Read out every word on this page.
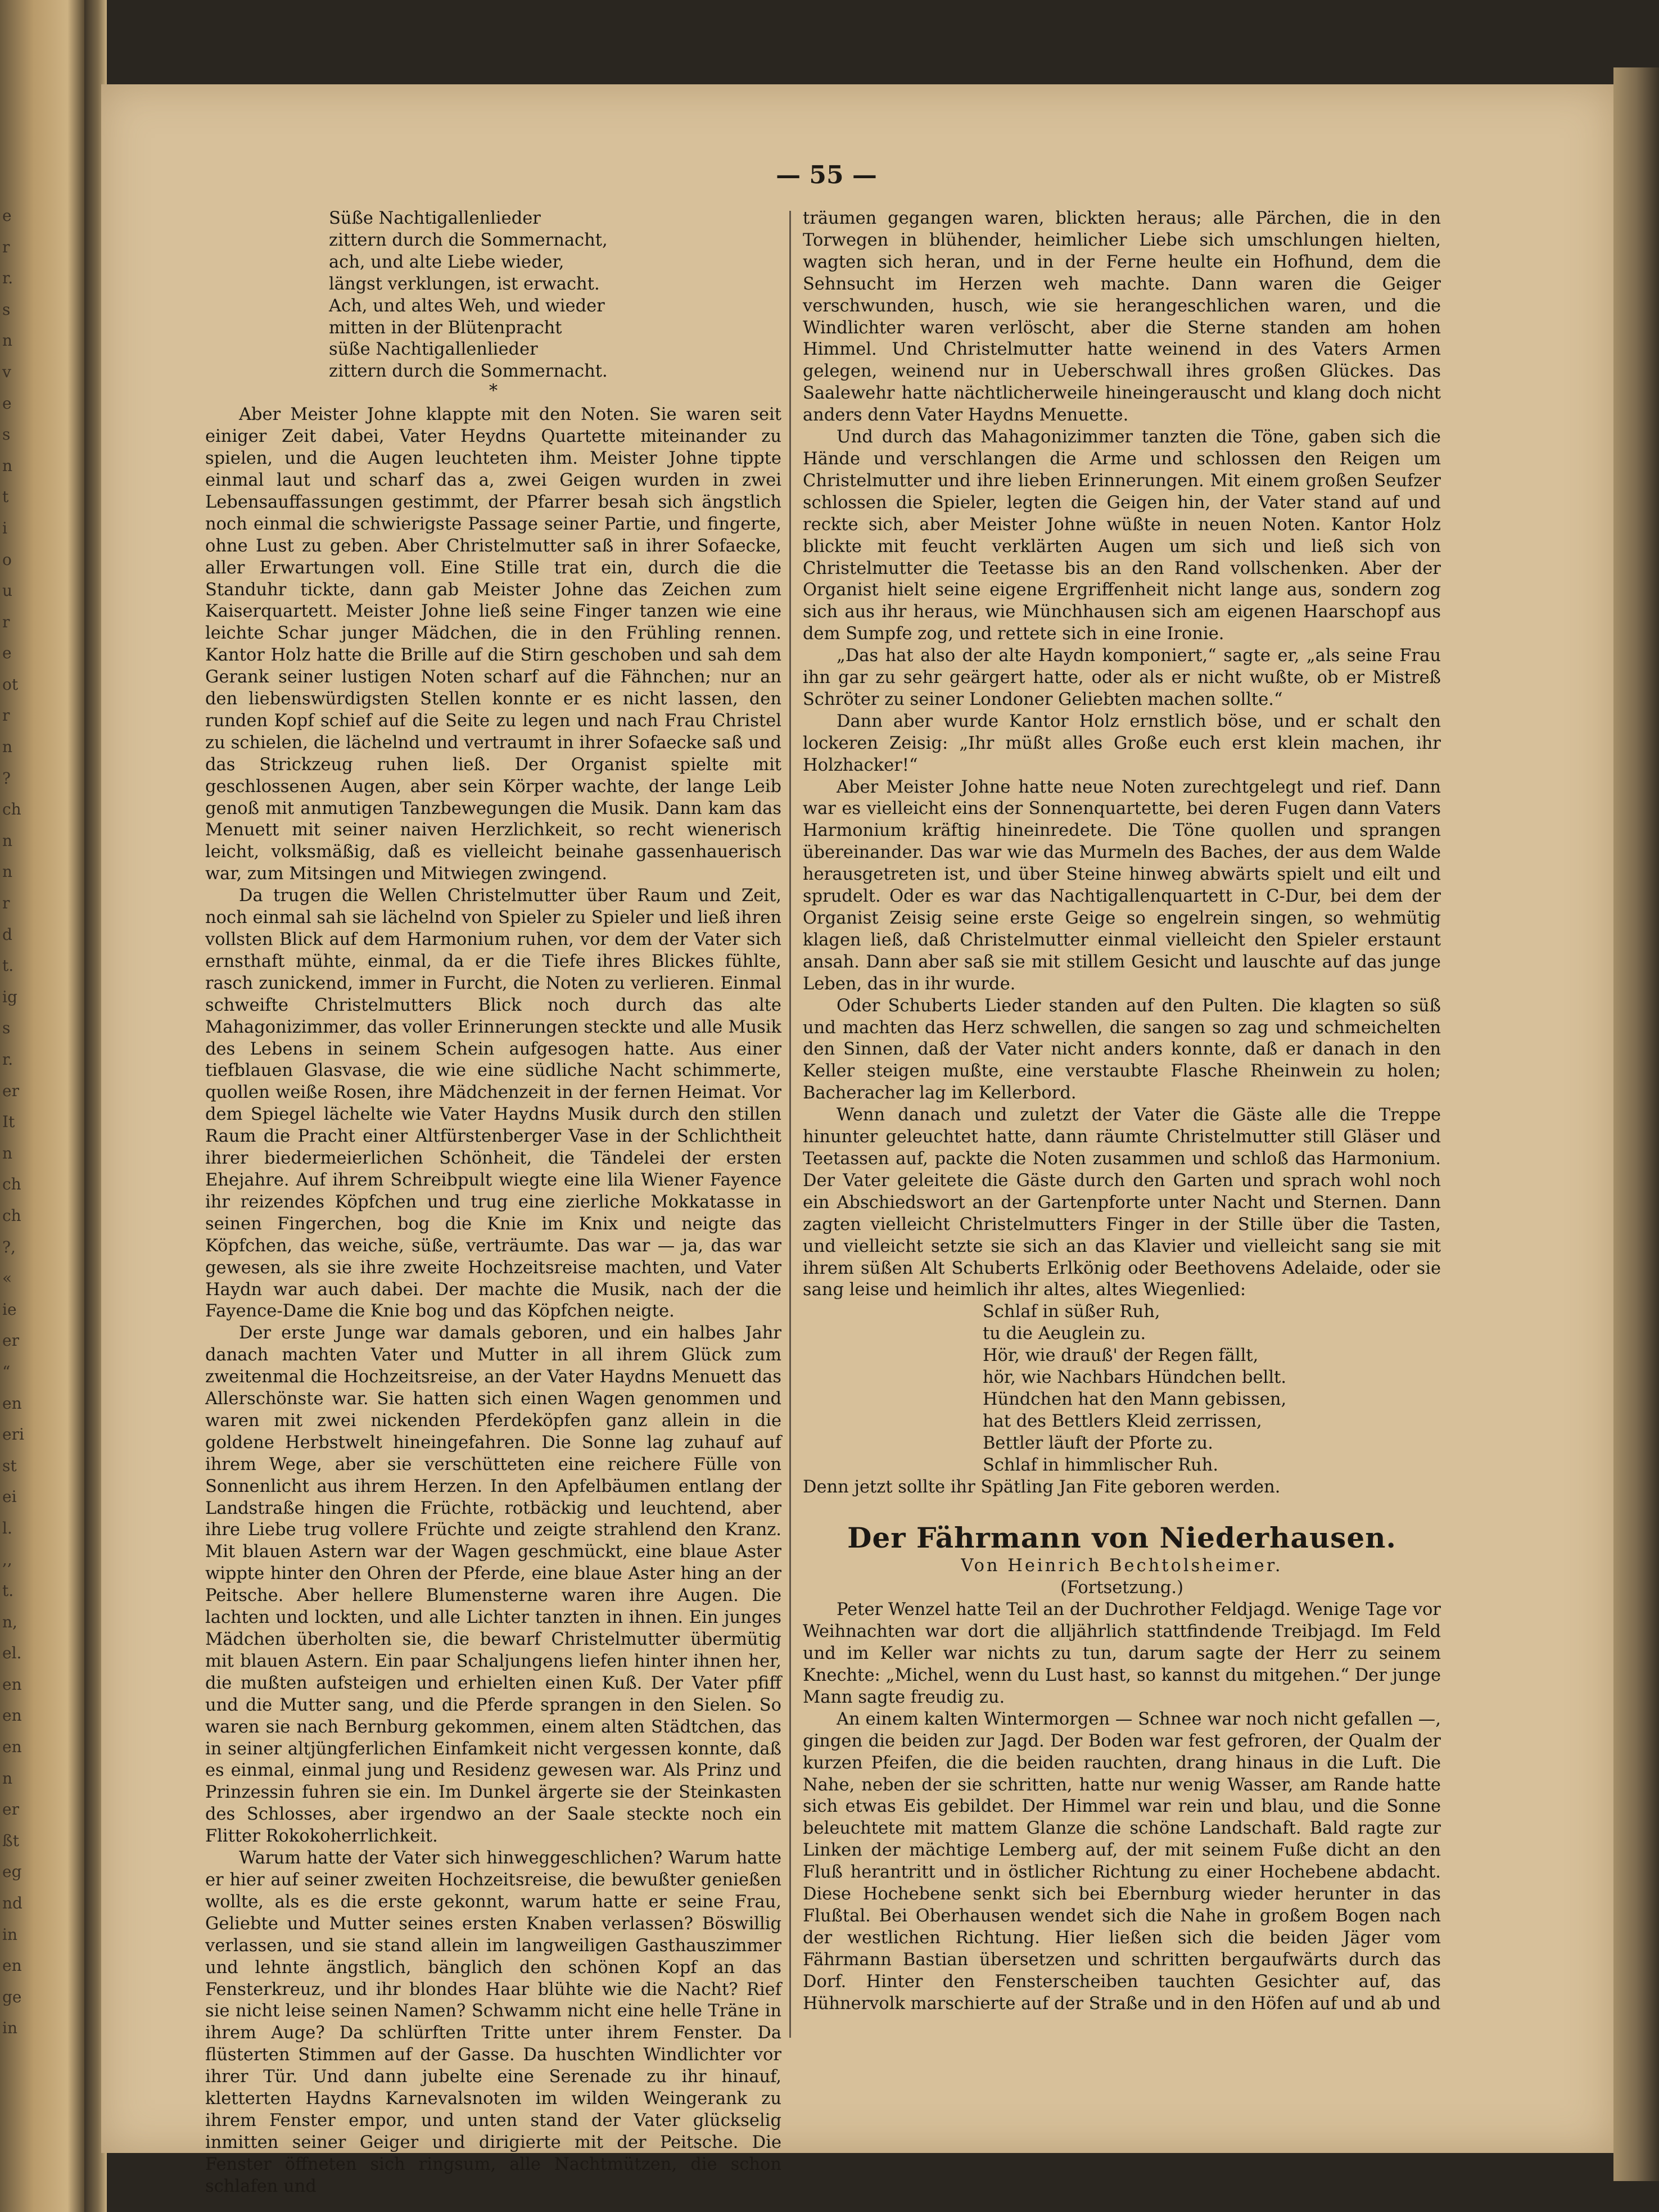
e
r
r.
s
n
v
e
s
n
t
i
o
u
r
e
ot
r
n
?
ch
n
n
r
d
t.
ig
s
r.
er
It
n
ch
ch
?,
«
ie
er
“
en
eri
st
ei
l.
,,
t.
n,
el.
en
en
en
n
er
ßt
eg
nd
in
en
ge
in
— 55 —
Süße Nachtigallenlieder
zittern durch die Sommernacht,
ach, und alte Liebe wieder,
längst verklungen, ist erwacht.
Ach, und altes Weh, und wieder
mitten in der Blütenpracht
süße Nachtigallenlieder
zittern durch die Sommernacht.
*

Aber Meister Johne klappte mit den Noten. Sie waren seit einiger Zeit dabei, Vater Heydns Quartette miteinander zu spielen, und die Augen leuchteten ihm. Meister Johne tippte einmal laut und scharf das a, zwei Geigen wurden in zwei Lebensauffassungen gestimmt, der Pfarrer besah sich ängstlich noch einmal die schwierigste Passage seiner Partie, und fingerte, ohne Lust zu geben. Aber Christelmutter saß in ihrer Sofaecke, aller Erwartungen voll. Eine Stille trat ein, durch die die Standuhr tickte, dann gab Meister Johne das Zeichen zum Kaiserquartett. Meister Johne ließ seine Finger tanzen wie eine leichte Schar junger Mädchen, die in den Frühling rennen. Kantor Holz hatte die Brille auf die Stirn geschoben und sah dem Gerank seiner lustigen Noten scharf auf die Fähnchen; nur an den liebenswürdigsten Stellen konnte er es nicht lassen, den runden Kopf schief auf die Seite zu legen und nach Frau Christel zu schielen, die lächelnd und vertraumt in ihrer Sofaecke saß und das Strickzeug ruhen ließ. Der Organist spielte mit geschlossenen Augen, aber sein Körper wachte, der lange Leib genoß mit anmutigen Tanzbewegungen die Musik. Dann kam das Menuett mit seiner naiven Herzlichkeit, so recht wienerisch leicht, volksmäßig, daß es vielleicht beinahe gassenhauerisch war, zum Mitsingen und Mitwiegen zwingend.

Da trugen die Wellen Christelmutter über Raum und Zeit, noch einmal sah sie lächelnd von Spieler zu Spieler und ließ ihren vollsten Blick auf dem Harmonium ruhen, vor dem der Vater sich ernsthaft mühte, einmal, da er die Tiefe ihres Blickes fühlte, rasch zunickend, immer in Furcht, die Noten zu verlieren. Einmal schweifte Christelmutters Blick noch durch das alte Mahagonizimmer, das voller Erinnerungen steckte und alle Musik des Lebens in seinem Schein aufgesogen hatte. Aus einer tiefblauen Glasvase, die wie eine südliche Nacht schimmerte, quollen weiße Rosen, ihre Mädchenzeit in der fernen Heimat. Vor dem Spiegel lächelte wie Vater Haydns Musik durch den stillen Raum die Pracht einer Altfürstenberger Vase in der Schlichtheit ihrer biedermeierlichen Schönheit, die Tändelei der ersten Ehejahre. Auf ihrem Schreibpult wiegte eine lila Wiener Fayence ihr reizendes Köpfchen und trug eine zierliche Mokkatasse in seinen Fingerchen, bog die Knie im Knix und neigte das Köpfchen, das weiche, süße, verträumte. Das war — ja, das war gewesen, als sie ihre zweite Hochzeitsreise machten, und Vater Haydn war auch dabei. Der machte die Musik, nach der die Fayence-Dame die Knie bog und das Köpfchen neigte.

Der erste Junge war damals geboren, und ein halbes Jahr danach machten Vater und Mutter in all ihrem Glück zum zweitenmal die Hochzeitsreise, an der Vater Haydns Menuett das Allerschönste war. Sie hatten sich einen Wagen genommen und waren mit zwei nickenden Pferdeköpfen ganz allein in die goldene Herbstwelt hineingefahren. Die Sonne lag zuhauf auf ihrem Wege, aber sie verschütteten eine reichere Fülle von Sonnenlicht aus ihrem Herzen. In den Apfelbäumen entlang der Landstraße hingen die Früchte, rotbäckig und leuchtend, aber ihre Liebe trug vollere Früchte und zeigte strahlend den Kranz. Mit blauen Astern war der Wagen geschmückt, eine blaue Aster wippte hinter den Ohren der Pferde, eine blaue Aster hing an der Peitsche. Aber hellere Blumensterne waren ihre Augen. Die lachten und lockten, und alle Lichter tanzten in ihnen. Ein junges Mädchen überholten sie, die bewarf Christelmutter übermütig mit blauen Astern. Ein paar Schaljungens liefen hinter ihnen her, die mußten aufsteigen und erhielten einen Kuß. Der Vater pfiff und die Mutter sang, und die Pferde sprangen in den Sielen. So waren sie nach Bernburg gekommen, einem alten Städtchen, das in seiner altjüngferlichen Einfamkeit nicht vergessen konnte, daß es einmal, einmal jung und Residenz gewesen war. Als Prinz und Prinzessin fuhren sie ein. Im Dunkel ärgerte sie der Steinkasten des Schlosses, aber irgendwo an der Saale steckte noch ein Flitter Rokokoherrlichkeit.

Warum hatte der Vater sich hinweggeschlichen? Warum hatte er hier auf seiner zweiten Hochzeitsreise, die bewußter genießen wollte, als es die erste gekonnt, warum hatte er seine Frau, Geliebte und Mutter seines ersten Knaben verlassen? Böswillig verlassen, und sie stand allein im langweiligen Gasthauszimmer und lehnte ängstlich, bänglich den schönen Kopf an das Fensterkreuz, und ihr blondes Haar blühte wie die Nacht? Rief sie nicht leise seinen Namen? Schwamm nicht eine helle Träne in ihrem Auge? Da schlürften Tritte unter ihrem Fenster. Da flüsterten Stimmen auf der Gasse. Da huschten Windlichter vor ihrer Tür. Und dann jubelte eine Serenade zu ihr hinauf, kletterten Haydns Karnevalsnoten im wilden Weingerank zu ihrem Fenster empor, und unten stand der Vater glückselig inmitten seiner Geiger und dirigierte mit der Peitsche. Die Fenster öffneten sich ringsum, alle Nachtmützen, die schon schlafen und

träumen gegangen waren, blickten heraus; alle Pärchen, die in den Torwegen in blühender, heimlicher Liebe sich umschlungen hielten, wagten sich heran, und in der Ferne heulte ein Hofhund, dem die Sehnsucht im Herzen weh machte. Dann waren die Geiger verschwunden, husch, wie sie herangeschlichen waren, und die Windlichter waren verlöscht, aber die Sterne standen am hohen Himmel. Und Christelmutter hatte weinend in des Vaters Armen gelegen, weinend nur in Ueberschwall ihres großen Glückes. Das Saalewehr hatte nächtlicherweile hineingerauscht und klang doch nicht anders denn Vater Haydns Menuette.

Und durch das Mahagonizimmer tanzten die Töne, gaben sich die Hände und verschlangen die Arme und schlossen den Reigen um Christelmutter und ihre lieben Erinnerungen. Mit einem großen Seufzer schlossen die Spieler, legten die Geigen hin, der Vater stand auf und reckte sich, aber Meister Johne wüßte in neuen Noten. Kantor Holz blickte mit feucht verklärten Augen um sich und ließ sich von Christelmutter die Teetasse bis an den Rand vollschenken. Aber der Organist hielt seine eigene Ergriffenheit nicht lange aus, sondern zog sich aus ihr heraus, wie Münchhausen sich am eigenen Haarschopf aus dem Sumpfe zog, und rettete sich in eine Ironie.

„Das hat also der alte Haydn komponiert,“ sagte er, „als seine Frau ihn gar zu sehr geärgert hatte, oder als er nicht wußte, ob er Mistreß Schröter zu seiner Londoner Geliebten machen sollte.“

Dann aber wurde Kantor Holz ernstlich böse, und er schalt den lockeren Zeisig: „Ihr müßt alles Große euch erst klein machen, ihr Holzhacker!“

Aber Meister Johne hatte neue Noten zurechtgelegt und rief. Dann war es vielleicht eins der Sonnenquartette, bei deren Fugen dann Vaters Harmonium kräftig hineinredete. Die Töne quollen und sprangen übereinander. Das war wie das Murmeln des Baches, der aus dem Walde herausgetreten ist, und über Steine hinweg abwärts spielt und eilt und sprudelt. Oder es war das Nachtigallenquartett in C-Dur, bei dem der Organist Zeisig seine erste Geige so engelrein singen, so wehmütig klagen ließ, daß Christelmutter einmal vielleicht den Spieler erstaunt ansah. Dann aber saß sie mit stillem Gesicht und lauschte auf das junge Leben, das in ihr wurde.

Oder Schuberts Lieder standen auf den Pulten. Die klagten so süß und machten das Herz schwellen, die sangen so zag und schmeichelten den Sinnen, daß der Vater nicht anders konnte, daß er danach in den Keller steigen mußte, eine verstaubte Flasche Rheinwein zu holen; Bacheracher lag im Kellerbord.

Wenn danach und zuletzt der Vater die Gäste alle die Treppe hinunter geleuchtet hatte, dann räumte Christelmutter still Gläser und Teetassen auf, packte die Noten zusammen und schloß das Harmonium. Der Vater geleitete die Gäste durch den Garten und sprach wohl noch ein Abschiedswort an der Gartenpforte unter Nacht und Sternen. Dann zagten vielleicht Christelmutters Finger in der Stille über die Tasten, und vielleicht setzte sie sich an das Klavier und vielleicht sang sie mit ihrem süßen Alt Schuberts Erlkönig oder Beethovens Adelaide, oder sie sang leise und heimlich ihr altes, altes Wiegenlied:

Schlaf in süßer Ruh,
tu die Aeuglein zu.
Hör, wie drauß' der Regen fällt,
hör, wie Nachbars Hündchen bellt.
Hündchen hat den Mann gebissen,
hat des Bettlers Kleid zerrissen,
Bettler läuft der Pforte zu.
Schlaf in himmlischer Ruh.

Denn jetzt sollte ihr Spätling Jan Fite geboren werden.

Der Fährmann von Niederhausen.
Von Heinrich Bechtolsheimer.
(Fortsetzung.)

Peter Wenzel hatte Teil an der Duchrother Feldjagd. Wenige Tage vor Weihnachten war dort die alljährlich stattfindende Treibjagd. Im Feld und im Keller war nichts zu tun, darum sagte der Herr zu seinem Knechte: „Michel, wenn du Lust hast, so kannst du mitgehen.“ Der junge Mann sagte freudig zu.

An einem kalten Wintermorgen — Schnee war noch nicht gefallen —, gingen die beiden zur Jagd. Der Boden war fest gefroren, der Qualm der kurzen Pfeifen, die die beiden rauchten, drang hinaus in die Luft. Die Nahe, neben der sie schritten, hatte nur wenig Wasser, am Rande hatte sich etwas Eis gebildet. Der Himmel war rein und blau, und die Sonne beleuchtete mit mattem Glanze die schöne Landschaft. Bald ragte zur Linken der mächtige Lemberg auf, der mit seinem Fuße dicht an den Fluß herantritt und in östlicher Richtung zu einer Hochebene abdacht. Diese Hochebene senkt sich bei Ebernburg wieder herunter in das Flußtal. Bei Oberhausen wendet sich die Nahe in großem Bogen nach der westlichen Richtung. Hier ließen sich die beiden Jäger vom Fährmann Bastian übersetzen und schritten bergaufwärts durch das Dorf. Hinter den Fensterscheiben tauchten Gesichter auf, das Hühnervolk marschierte auf der Straße und in den Höfen auf und ab und
